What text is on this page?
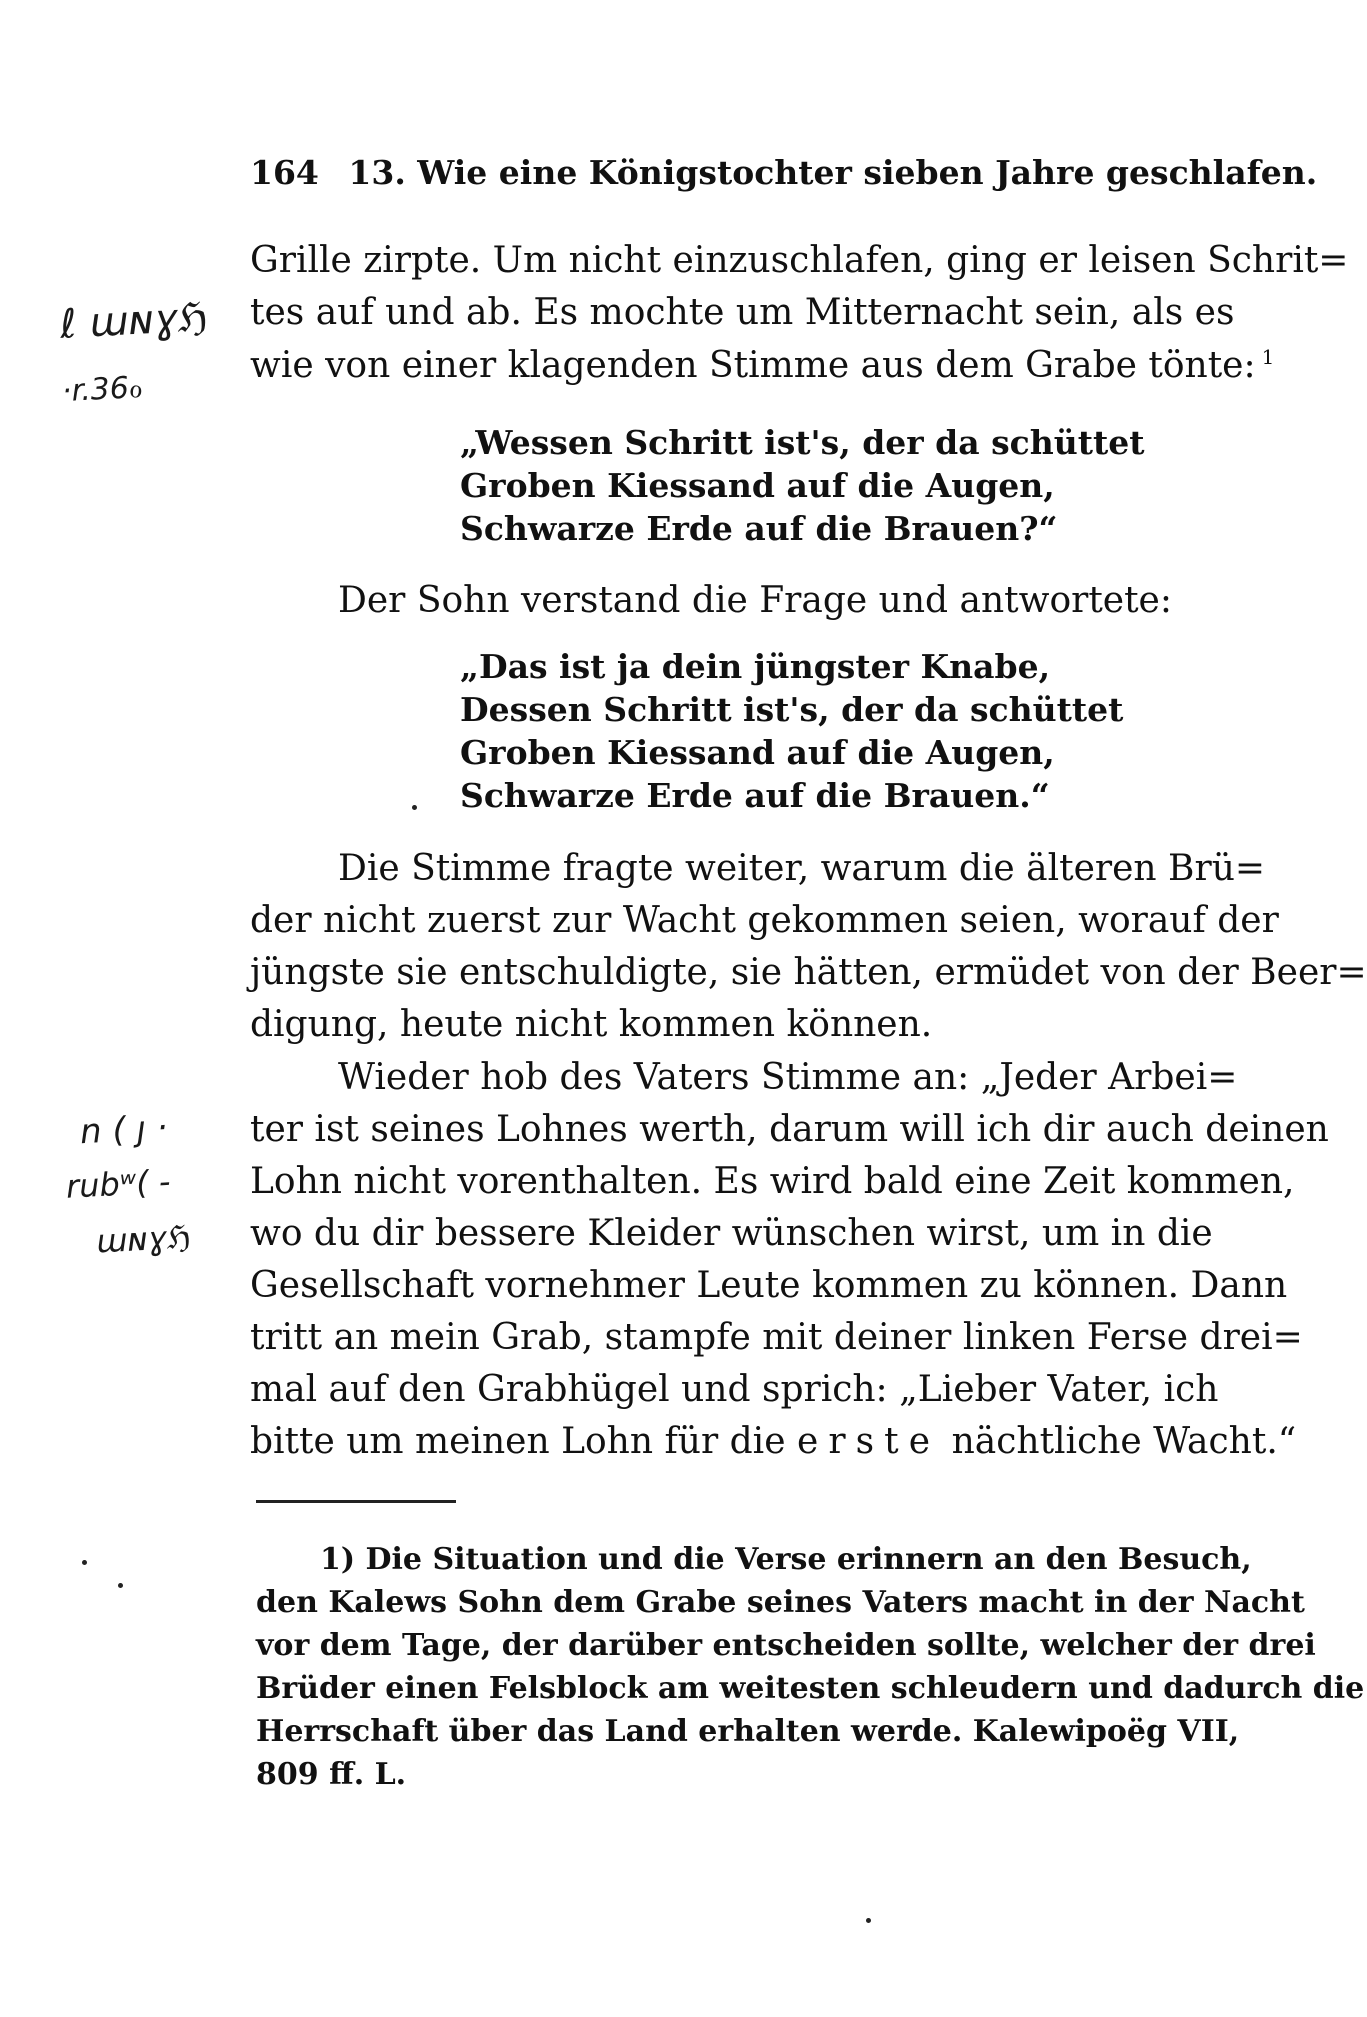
164 13. Wie eine Königstochter sieben Jahre geschlafen.
Grille zirpte. Um nicht einzuschlafen, ging er leisen Schrit=
tes auf und ab. Es mochte um Mitternacht sein, als es
wie von einer klagenden Stimme aus dem Grabe tönte: $^1$
„Wessen Schritt ist's, der da schüttet
Groben Kiessand auf die Augen,
Schwarze Erde auf die Brauen?“
Der Sohn verstand die Frage und antwortete:
„Das ist ja dein jüngster Knabe,
Dessen Schritt ist's, der da schüttet
Groben Kiessand auf die Augen,
Schwarze Erde auf die Brauen.“
Die Stimme fragte weiter, warum die älteren Brü=
der nicht zuerst zur Wacht gekommen seien, worauf der
jüngste sie entschuldigte, sie hätten, ermüdet von der Beer=
digung, heute nicht kommen können.
Wieder hob des Vaters Stimme an: „Jeder Arbei=
ter ist seines Lohnes werth, darum will ich dir auch deinen
Lohn nicht vorenthalten. Es wird bald eine Zeit kommen,
wo du dir bessere Kleider wünschen wirst, um in die
Gesellschaft vornehmer Leute kommen zu können. Dann
tritt an mein Grab, stampfe mit deiner linken Ferse drei=
mal auf den Grabhügel und sprich: „Lieber Vater, ich
bitte um meinen Lohn für die erste nächtliche Wacht.“
1) Die Situation und die Verse erinnern an den Besuch,
den Kalews Sohn dem Grabe seines Vaters macht in der Nacht
vor dem Tage, der darüber entscheiden sollte, welcher der drei
Brüder einen Felsblock am weitesten schleudern und dadurch die
Herrschaft über das Land erhalten werde. Kalewipoëg VII,
809 ff. L.
ℓ ɯɴɣℌ
·r.36ℴ
n ( ȷ ·
rubʷ( -
ɯɴɣℌ
